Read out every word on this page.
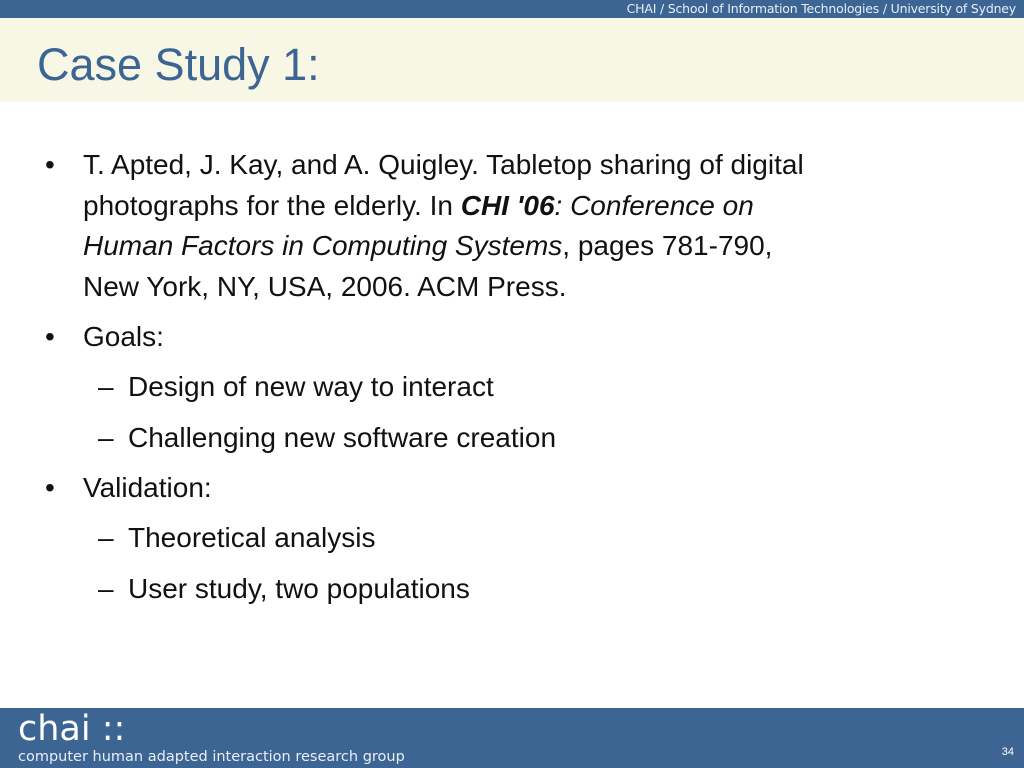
CHAI / School of Information Technologies / University of Sydney
Case Study 1:
• T. Apted, J. Kay, and A. Quigley. Tabletop sharing of digital
photographs for the elderly. In CHI '06: Conference on
Human Factors in Computing Systems, pages 781-790,
New York, NY, USA, 2006. ACM Press.
• Goals:
– Design of new way to interact
– Challenging new software creation
• Validation:
– Theoretical analysis
– User study, two populations
chai ::
computer human adapted interaction research group	34
